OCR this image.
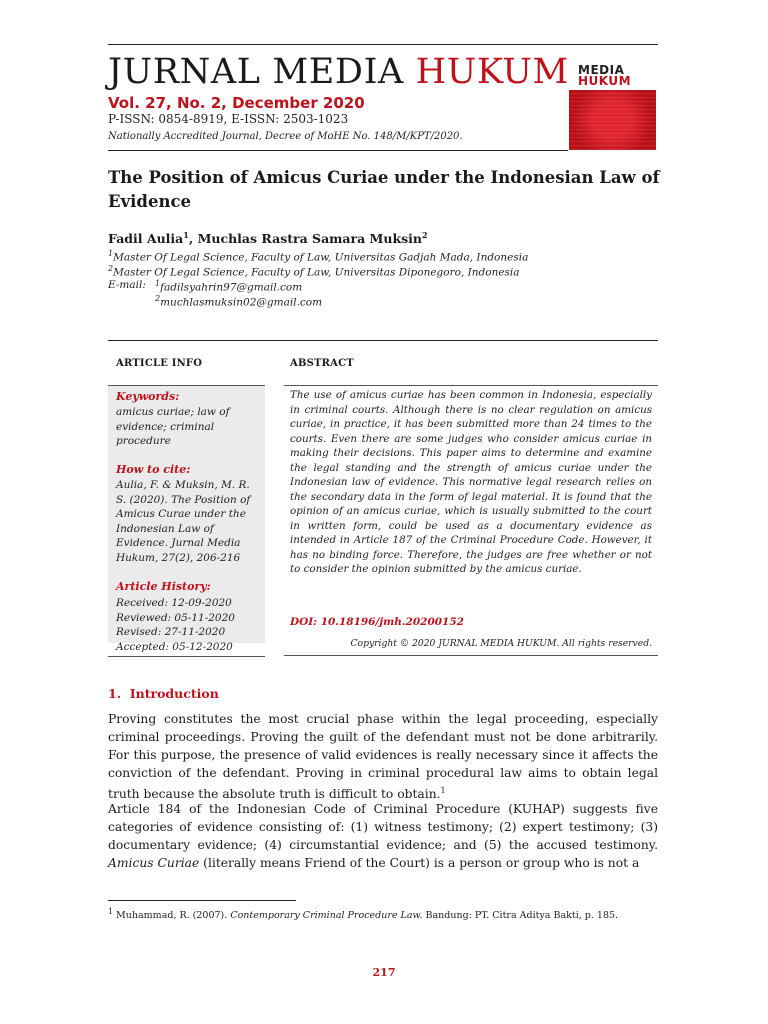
JURNAL MEDIA HUKUM
Vol. 27, No. 2, December 2020
P-ISSN: 0854-8919, E-ISSN: 2503-1023
Nationally Accredited Journal, Decree of MoHE No. 148/M/KPT/2020.
MEDIA
HUKUM
The Position of Amicus Curiae under the Indonesian Law of Evidence
Fadil Aulia$^1$, Muchlas Rastra Samara Muksin$^2$
$^1$Master Of Legal Science, Faculty of Law, Universitas Gadjah Mada, Indonesia
$^2$Master Of Legal Science, Faculty of Law, Universitas Diponegoro, Indonesia
E-mail: $^1$fadilsyahrin97@gmail.com
$^2$muchlasmuksin02@gmail.com
ARTICLE INFO	ABSTRACT
Keywords:
amicus curiae; law of
evidence; criminal
procedure
How to cite:
Aulia, F. & Muksin, M. R.
S. (2020). The Position of
Amicus Curae under the
Indonesian Law of
Evidence. Jurnal Media
Hukum, 27(2), 206-216
Article History:
Received: 12-09-2020
Reviewed: 05-11-2020
Revised: 27-11-2020
Accepted: 05-12-2020

The use of amicus curiae has been common in Indonesia, especially in criminal courts. Although there is no clear regulation on amicus curiae, in practice, it has been submitted more than 24 times to the courts. Even there are some judges who consider amicus curiae in making their decisions. This paper aims to determine and examine the legal standing and the strength of amicus curiae under the Indonesian law of evidence. This normative legal research relies on the secondary data in the form of legal material. It is found that the opinion of an amicus curiae, which is usually submitted to the court in written form, could be used as a documentary evidence as intended in Article 187 of the Criminal Procedure Code. However, it has no binding force. Therefore, the judges are free whether or not to consider the opinion submitted by the amicus curiae.

DOI: 10.18196/jmh.20200152
Copyright © 2020 JURNAL MEDIA HUKUM. All rights reserved.
1. Introduction

Proving constitutes the most crucial phase within the legal proceeding, especially criminal proceedings. Proving the guilt of the defendant must not be done arbitrarily. For this purpose, the presence of valid evidences is really necessary since it affects the conviction of the defendant. Proving in criminal procedural law aims to obtain legal truth because the absolute truth is difficult to obtain.$^1$

Article 184 of the Indonesian Code of Criminal Procedure (KUHAP) suggests five categories of evidence consisting of: (1) witness testimony; (2) expert testimony; (3) documentary evidence; (4) circumstantial evidence; and (5) the accused testimony. Amicus Curiae (literally means Friend of the Court) is a person or group who is not a

$^1$ Muhammad, R. (2007). Contemporary Criminal Procedure Law. Bandung: PT. Citra Aditya Bakti, p. 185.
217
